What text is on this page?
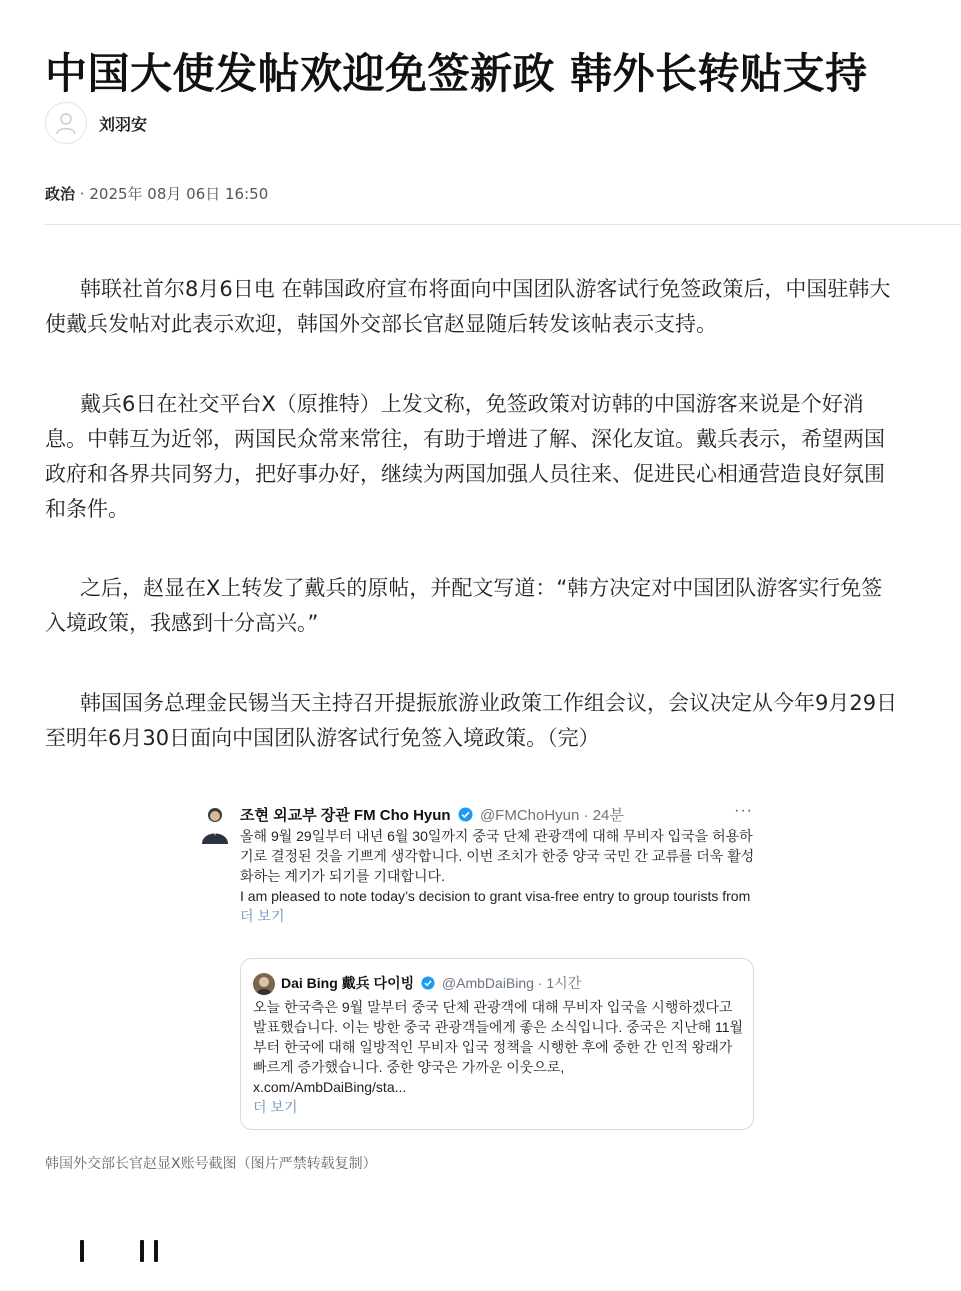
中国大使发帖欢迎免签新政 韩外长转贴支持
刘羽安
政治 · 2025年 08月 06日 16:50

韩联社首尔8月6日电 在韩国政府宣布将面向中国团队游客试行免签政策后，中国驻韩大使戴兵发帖对此表示欢迎，韩国外交部长官赵显随后转发该帖表示支持。

戴兵6日在社交平台X（原推特）上发文称，免签政策对访韩的中国游客来说是个好消息。中韩互为近邻，两国民众常来常往，有助于增进了解、深化友谊。戴兵表示，希望两国政府和各界共同努力，把好事办好，继续为两国加强人员往来、促进民心相通营造良好氛围和条件。

之后，赵显在X上转发了戴兵的原帖，并配文写道：“韩方决定对中国团队游客实行免签入境政策，我感到十分高兴。”

韩国国务总理金民锡当天主持召开提振旅游业政策工作组会议，会议决定从今年9月29日至明年6月30日面向中国团队游客试行免签入境政策。（完）

조현 외교부 장관 FM Cho Hyun @FMChoHyun · 24분	···
올해 9월 29일부터 내년 6월 30일까지 중국 단체 관광객에 대해 무비자 입국을 허용하기로 결정된 것을 기쁘게 생각합니다. 이번 조치가 한중 양국 국민 간 교류를 더욱 활성화하는 계기가 되기를 기대합니다.
I am pleased to note today’s decision to grant visa-free entry to group tourists from
더 보기
Dai Bing 戴兵 다이빙 @AmbDaiBing · 1시간
오늘 한국측은 9월 말부터 중국 단체 관광객에 대해 무비자 입국을 시행하겠다고 발표했습니다. 이는 방한 중국 관광객들에게 좋은 소식입니다. 중국은 지난해 11월부터 한국에 대해 일방적인 무비자 입국 정책을 시행한 후에 중한 간 인적 왕래가 빠르게 증가했습니다. 중한 양국은 가까운 이웃으로,
x.com/AmbDaiBing/sta...
더 보기
韩国外交部长官赵显X账号截图（图片严禁转载复制）
